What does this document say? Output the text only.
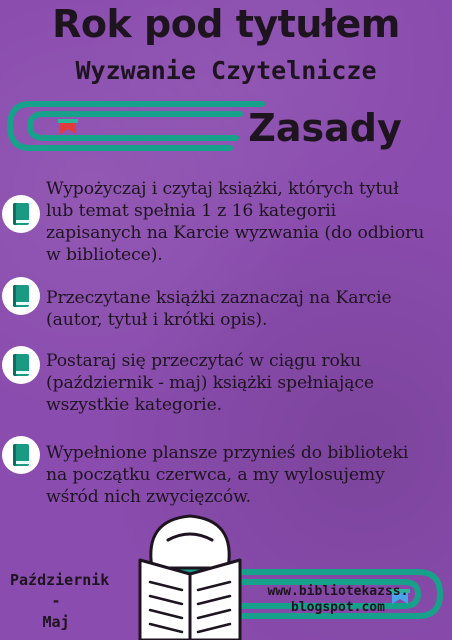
Rok pod tytułem
Wyzwanie Czytelnicze
Zasady
Wypożyczaj i czytaj książki, których tytuł lub temat spełnia 1 z 16 kategorii zapisanych na Karcie wyzwania (do odbioru w bibliotece).
Przeczytane książki zaznaczaj na Karcie (autor, tytuł i krótki opis).
Postaraj się przeczytać w ciągu roku (październik - maj) książki spełniające wszystkie kategorie.
Wypełnione plansze przynieś do biblioteki na początku czerwca, a my wylosujemy wśród nich zwycięzców.
Październik
-
Maj
www.bibliotekazss.
blogspot.com
